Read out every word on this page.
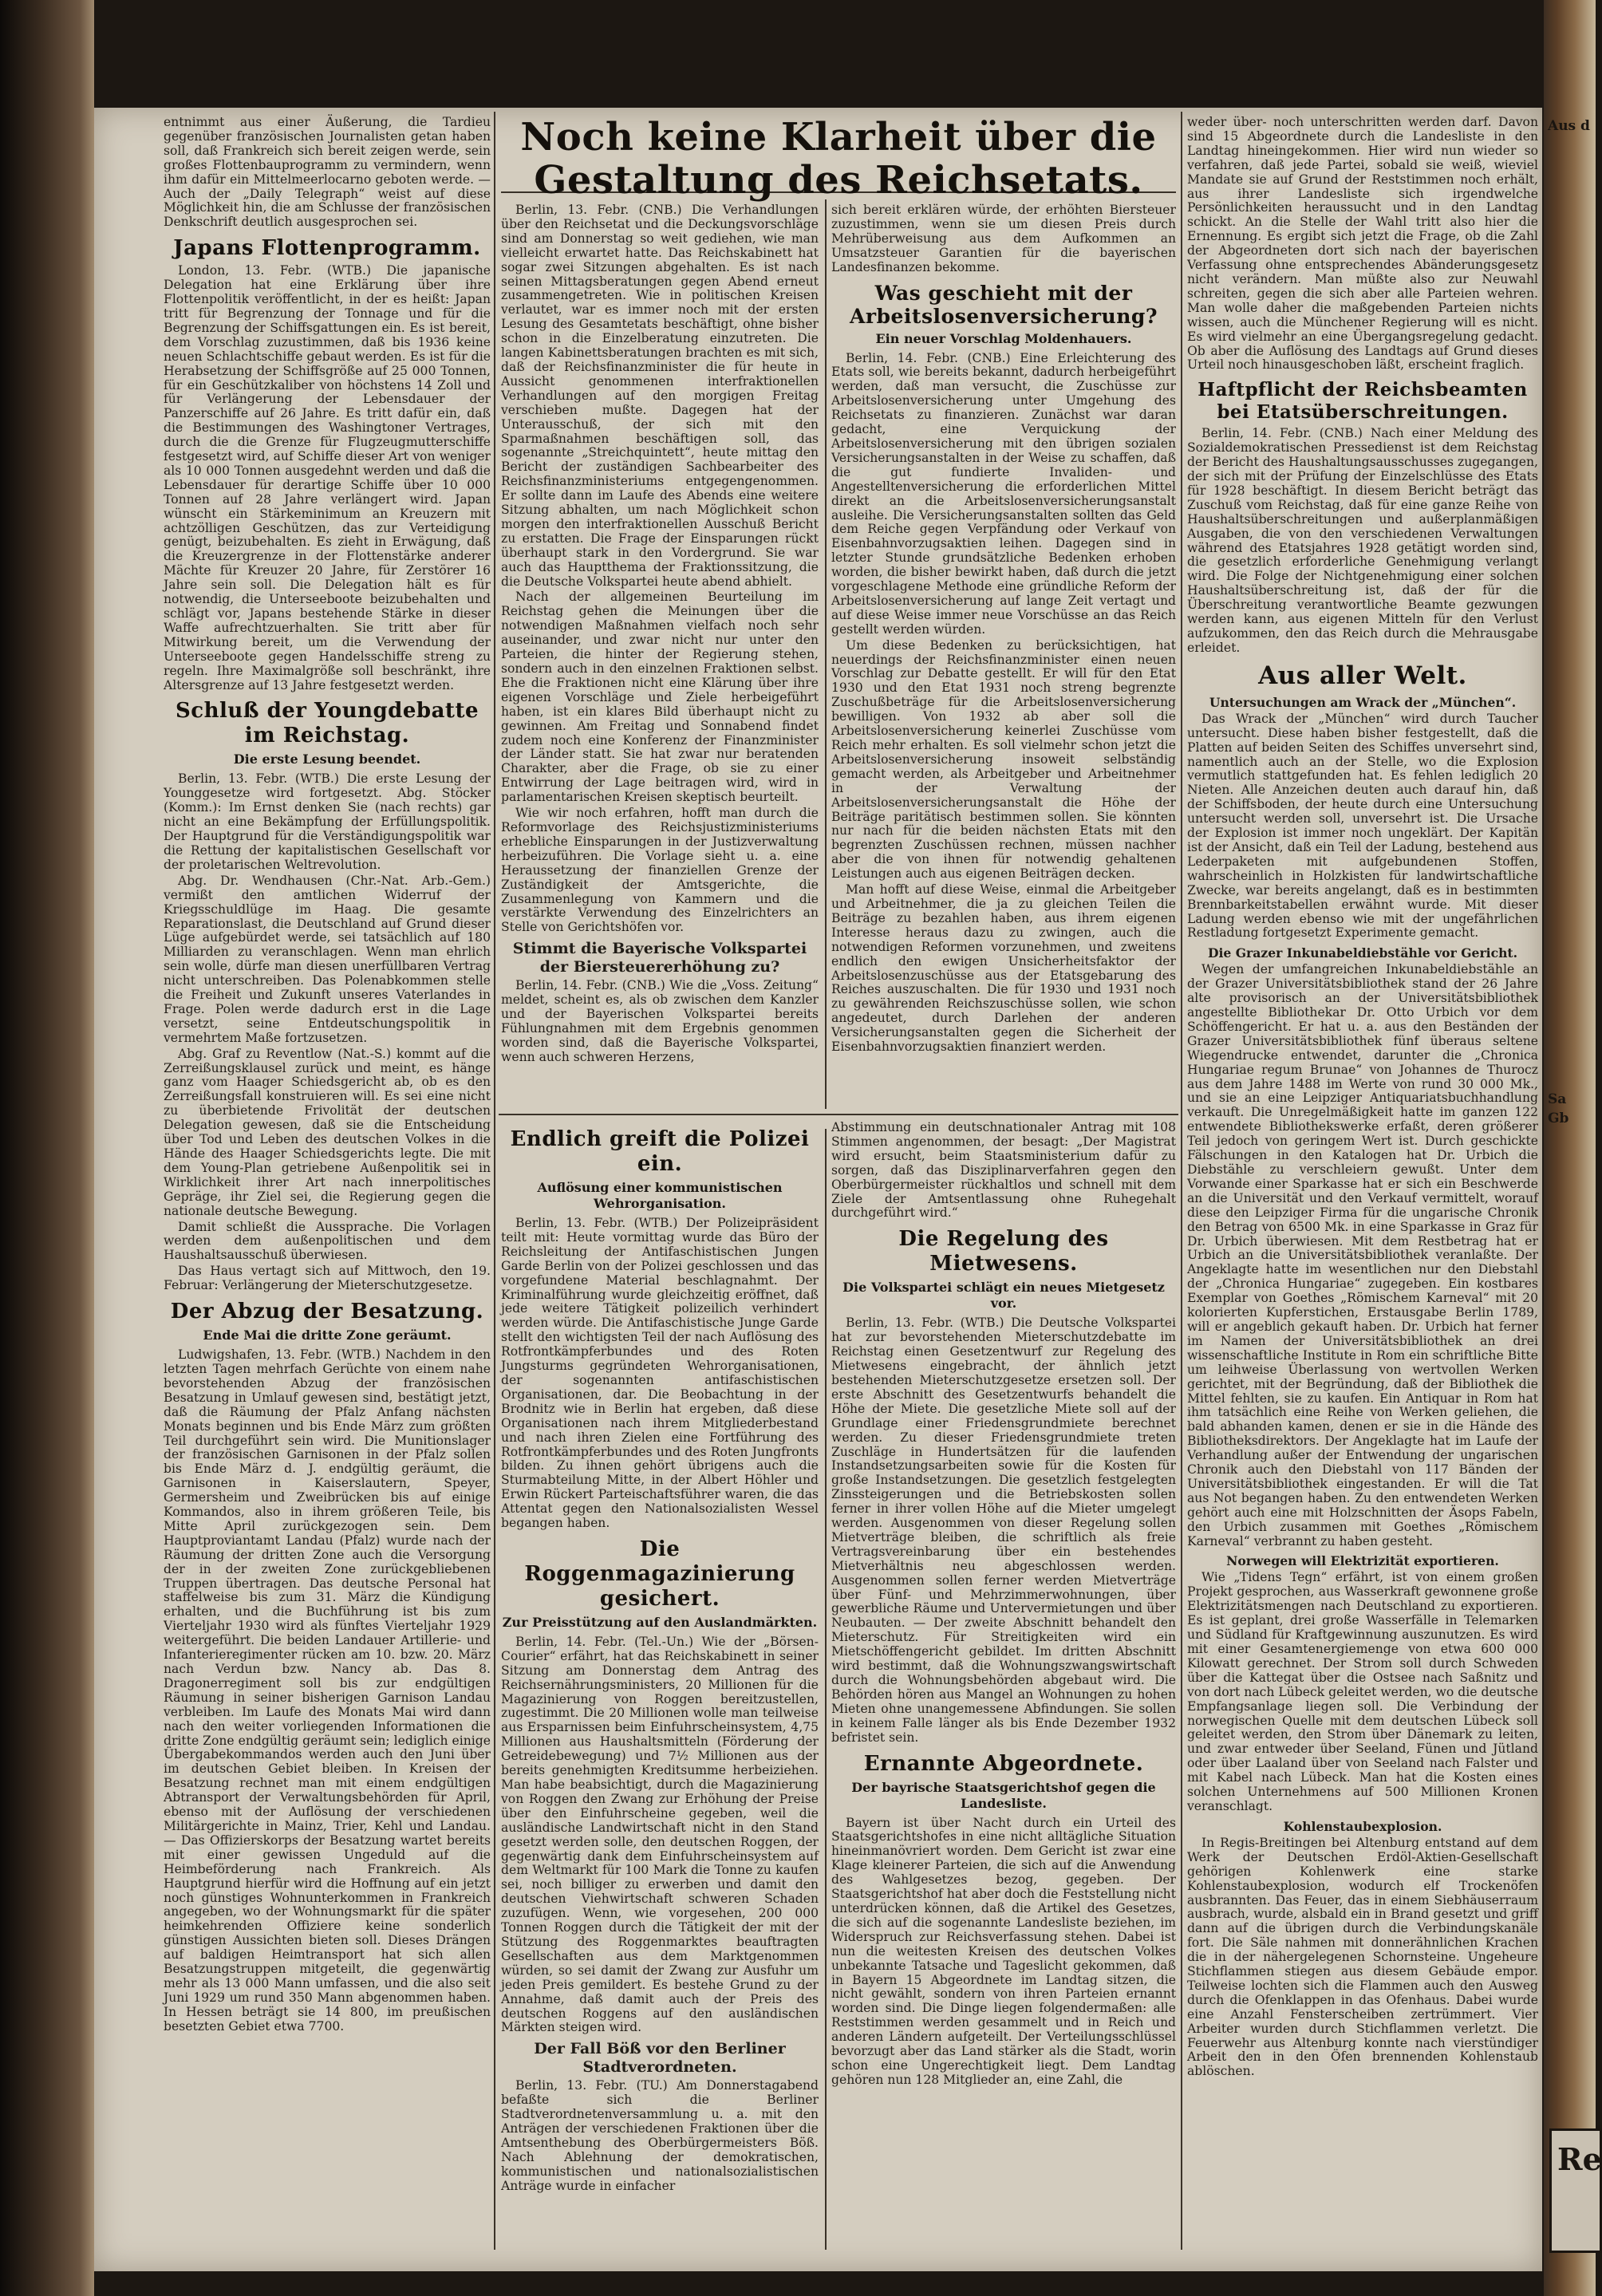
Aus d
Sa
Gb
Re

entnimmt aus einer Äußerung, die Tardieu gegenüber französischen Journalisten getan haben soll, daß Frankreich sich bereit zeigen werde, sein großes Flottenbauprogramm zu vermindern, wenn ihm dafür ein Mittelmeerlocarno geboten werde. — Auch der „Daily Telegraph“ weist auf diese Möglichkeit hin, die am Schlusse der französischen Denkschrift deutlich ausgesprochen sei.

Japans Flottenprogramm.

London, 13. Febr. (WTB.) Die japanische Delegation hat eine Erklärung über ihre Flottenpolitik veröffentlicht, in der es heißt: Japan tritt für Begrenzung der Tonnage und für die Begrenzung der Schiffsgattungen ein. Es ist bereit, dem Vorschlag zuzustimmen, daß bis 1936 keine neuen Schlachtschiffe gebaut werden. Es ist für die Herabsetzung der Schiffsgröße auf 25 000 Tonnen, für ein Geschützkaliber von höchstens 14 Zoll und für Verlängerung der Lebensdauer der Panzerschiffe auf 26 Jahre. Es tritt dafür ein, daß die Bestimmungen des Washingtoner Vertrages, durch die die Grenze für Flugzeugmutterschiffe festgesetzt wird, auf Schiffe dieser Art von weniger als 10 000 Tonnen ausgedehnt werden und daß die Lebensdauer für derartige Schiffe über 10 000 Tonnen auf 28 Jahre verlängert wird. Japan wünscht ein Stärkeminimum an Kreuzern mit achtzölligen Geschützen, das zur Verteidigung genügt, beizubehalten. Es zieht in Erwägung, daß die Kreuzergrenze in der Flottenstärke anderer Mächte für Kreuzer 20 Jahre, für Zerstörer 16 Jahre sein soll. Die Delegation hält es für notwendig, die Unterseeboote beizubehalten und schlägt vor, Japans bestehende Stärke in dieser Waffe aufrechtzuerhalten. Sie tritt aber für Mitwirkung bereit, um die Verwendung der Unterseeboote gegen Handelsschiffe streng zu regeln. Ihre Maximalgröße soll beschränkt, ihre Altersgrenze auf 13 Jahre festgesetzt werden.

Schluß der Youngdebatte im Reichstag.
Die erste Lesung beendet.

Berlin, 13. Febr. (WTB.) Die erste Lesung der Younggesetze wird fortgesetzt. Abg. Stöcker (Komm.): Im Ernst denken Sie (nach rechts) gar nicht an eine Bekämpfung der Erfüllungspolitik. Der Hauptgrund für die Verständigungspolitik war die Rettung der kapitalistischen Gesellschaft vor der proletarischen Weltrevolution.

Abg. Dr. Wendhausen (Chr.-Nat. Arb.-Gem.) vermißt den amtlichen Widerruf der Kriegsschuldlüge im Haag. Die gesamte Reparationslast, die Deutschland auf Grund dieser Lüge aufgebürdet werde, sei tatsächlich auf 180 Milliarden zu veranschlagen. Wenn man ehrlich sein wolle, dürfe man diesen unerfüllbaren Vertrag nicht unterschreiben. Das Polenabkommen stelle die Freiheit und Zukunft unseres Vaterlandes in Frage. Polen werde dadurch erst in die Lage versetzt, seine Entdeutschungspolitik in vermehrtem Maße fortzusetzen.

Abg. Graf zu Reventlow (Nat.-S.) kommt auf die Zerreißungsklausel zurück und meint, es hänge ganz vom Haager Schiedsgericht ab, ob es den Zerreißungsfall konstruieren will. Es sei eine nicht zu überbietende Frivolität der deutschen Delegation gewesen, daß sie die Entscheidung über Tod und Leben des deutschen Volkes in die Hände des Haager Schiedsgerichts legte. Die mit dem Young-Plan getriebene Außenpolitik sei in Wirklichkeit ihrer Art nach innerpolitisches Gepräge, ihr Ziel sei, die Regierung gegen die nationale deutsche Bewegung.

Damit schließt die Aussprache. Die Vorlagen werden dem außenpolitischen und dem Haushaltsausschuß überwiesen.

Das Haus vertagt sich auf Mittwoch, den 19. Februar: Verlängerung der Mieterschutzgesetze.

Der Abzug der Besatzung.
Ende Mai die dritte Zone geräumt.

Ludwigshafen, 13. Febr. (WTB.) Nachdem in den letzten Tagen mehrfach Gerüchte von einem nahe bevorstehenden Abzug der französischen Besatzung in Umlauf gewesen sind, bestätigt jetzt, daß die Räumung der Pfalz Anfang nächsten Monats beginnen und bis Ende März zum größten Teil durchgeführt sein wird. Die Munitionslager der französischen Garnisonen in der Pfalz sollen bis Ende März d. J. endgültig geräumt, die Garnisonen in Kaiserslautern, Speyer, Germersheim und Zweibrücken bis auf einige Kommandos, also in ihrem größeren Teile, bis Mitte April zurückgezogen sein. Dem Hauptproviantamt Landau (Pfalz) wurde nach der Räumung der dritten Zone auch die Versorgung der in der zweiten Zone zurückgebliebenen Truppen übertragen. Das deutsche Personal hat staffelweise bis zum 31. März die Kündigung erhalten, und die Buchführung ist bis zum Vierteljahr 1930 wird als fünftes Vierteljahr 1929 weitergeführt. Die beiden Landauer Artillerie- und Infanterieregimenter rücken am 10. bzw. 20. März nach Verdun bzw. Nancy ab. Das 8. Dragonerregiment soll bis zur endgültigen Räumung in seiner bisherigen Garnison Landau verbleiben. Im Laufe des Monats Mai wird dann nach den weiter vorliegenden Informationen die dritte Zone endgültig geräumt sein; lediglich einige Übergabekommandos werden auch den Juni über im deutschen Gebiet bleiben. In Kreisen der Besatzung rechnet man mit einem endgültigen Abtransport der Verwaltungsbehörden für April, ebenso mit der Auflösung der verschiedenen Militärgerichte in Mainz, Trier, Kehl und Landau. — Das Offizierskorps der Besatzung wartet bereits mit einer gewissen Ungeduld auf die Heimbeförderung nach Frankreich. Als Hauptgrund hierfür wird die Hoffnung auf ein jetzt noch günstiges Wohnunterkommen in Frankreich angegeben, wo der Wohnungsmarkt für die später heimkehrenden Offiziere keine sonderlich günstigen Aussichten bieten soll. Dieses Drängen auf baldigen Heimtransport hat sich allen Besatzungstruppen mitgeteilt, die gegenwärtig mehr als 13 000 Mann umfassen, und die also seit Juni 1929 um rund 350 Mann abgenommen haben. In Hessen beträgt sie 14 800, im preußischen besetzten Gebiet etwa 7700.

Noch keine Klarheit über die Gestaltung des Reichsetats.

Berlin, 13. Febr. (CNB.) Die Verhandlungen über den Reichsetat und die Deckungsvorschläge sind am Donnerstag so weit gediehen, wie man vielleicht erwartet hatte. Das Reichskabinett hat sogar zwei Sitzungen abgehalten. Es ist nach seinen Mittagsberatungen gegen Abend erneut zusammengetreten. Wie in politischen Kreisen verlautet, war es immer noch mit der ersten Lesung des Gesamtetats beschäftigt, ohne bisher schon in die Einzelberatung einzutreten. Die langen Kabinettsberatungen brachten es mit sich, daß der Reichsfinanzminister die für heute in Aussicht genommenen interfraktionellen Verhandlungen auf den morgigen Freitag verschieben mußte. Dagegen hat der Unterausschuß, der sich mit den Sparmaßnahmen beschäftigen soll, das sogenannte „Streichquintett“, heute mittag den Bericht der zuständigen Sachbearbeiter des Reichsfinanzministeriums entgegengenommen. Er sollte dann im Laufe des Abends eine weitere Sitzung abhalten, um nach Möglichkeit schon morgen den interfraktionellen Ausschuß Bericht zu erstatten. Die Frage der Einsparungen rückt überhaupt stark in den Vordergrund. Sie war auch das Hauptthema der Fraktionssitzung, die die Deutsche Volkspartei heute abend abhielt.

Nach der allgemeinen Beurteilung im Reichstag gehen die Meinungen über die notwendigen Maßnahmen vielfach noch sehr auseinander, und zwar nicht nur unter den Parteien, die hinter der Regierung stehen, sondern auch in den einzelnen Fraktionen selbst. Ehe die Fraktionen nicht eine Klärung über ihre eigenen Vorschläge und Ziele herbeigeführt haben, ist ein klares Bild überhaupt nicht zu gewinnen. Am Freitag und Sonnabend findet zudem noch eine Konferenz der Finanzminister der Länder statt. Sie hat zwar nur beratenden Charakter, aber die Frage, ob sie zu einer Entwirrung der Lage beitragen wird, wird in parlamentarischen Kreisen skeptisch beurteilt.

Wie wir noch erfahren, hofft man durch die Reformvorlage des Reichsjustizministeriums erhebliche Einsparungen in der Justizverwaltung herbeizuführen. Die Vorlage sieht u. a. eine Heraussetzung der finanziellen Grenze der Zuständigkeit der Amtsgerichte, die Zusammenlegung von Kammern und die verstärkte Verwendung des Einzelrichters an Stelle von Gerichtshöfen vor.

Stimmt die Bayerische Volkspartei der Biersteuererhöhung zu?

Berlin, 14. Febr. (CNB.) Wie die „Voss. Zeitung“ meldet, scheint es, als ob zwischen dem Kanzler und der Bayerischen Volkspartei bereits Fühlungnahmen mit dem Ergebnis genommen worden sind, daß die Bayerische Volkspartei, wenn auch schweren Herzens,

sich bereit erklären würde, der erhöhten Biersteuer zuzustimmen, wenn sie um diesen Preis durch Mehrüberweisung aus dem Aufkommen an Umsatzsteuer Garantien für die bayerischen Landesfinanzen bekomme.

Was geschieht mit der Arbeitslosenversicherung?
Ein neuer Vorschlag Moldenhauers.

Berlin, 14. Febr. (CNB.) Eine Erleichterung des Etats soll, wie bereits bekannt, dadurch herbeigeführt werden, daß man versucht, die Zuschüsse zur Arbeitslosenversicherung unter Umgehung des Reichsetats zu finanzieren. Zunächst war daran gedacht, eine Verquickung der Arbeitslosenversicherung mit den übrigen sozialen Versicherungsanstalten in der Weise zu schaffen, daß die gut fundierte Invaliden- und Angestelltenversicherung die erforderlichen Mittel direkt an die Arbeitslosenversicherungsanstalt ausleihe. Die Versicherungsanstalten sollten das Geld dem Reiche gegen Verpfändung oder Verkauf von Eisenbahnvorzugsaktien leihen. Dagegen sind in letzter Stunde grundsätzliche Bedenken erhoben worden, die bisher bewirkt haben, daß durch die jetzt vorgeschlagene Methode eine gründliche Reform der Arbeitslosenversicherung auf lange Zeit vertagt und auf diese Weise immer neue Vorschüsse an das Reich gestellt werden würden.

Um diese Bedenken zu berücksichtigen, hat neuerdings der Reichsfinanzminister einen neuen Vorschlag zur Debatte gestellt. Er will für den Etat 1930 und den Etat 1931 noch streng begrenzte Zuschußbeträge für die Arbeitslosenversicherung bewilligen. Von 1932 ab aber soll die Arbeitslosenversicherung keinerlei Zuschüsse vom Reich mehr erhalten. Es soll vielmehr schon jetzt die Arbeitslosenversicherung insoweit selbständig gemacht werden, als Arbeitgeber und Arbeitnehmer in der Verwaltung der Arbeitslosenversicherungsanstalt die Höhe der Beiträge paritätisch bestimmen sollen. Sie könnten nur nach für die beiden nächsten Etats mit den begrenzten Zuschüssen rechnen, müssen nachher aber die von ihnen für notwendig gehaltenen Leistungen auch aus eigenen Beiträgen decken.

Man hofft auf diese Weise, einmal die Arbeitgeber und Arbeitnehmer, die ja zu gleichen Teilen die Beiträge zu bezahlen haben, aus ihrem eigenen Interesse heraus dazu zu zwingen, auch die notwendigen Reformen vorzunehmen, und zweitens endlich den ewigen Unsicherheitsfaktor der Arbeitslosenzuschüsse aus der Etatsgebarung des Reiches auszuschalten. Die für 1930 und 1931 noch zu gewährenden Reichszuschüsse sollen, wie schon angedeutet, durch Darlehen der anderen Versicherungsanstalten gegen die Sicherheit der Eisenbahnvorzugsaktien finanziert werden.

Endlich greift die Polizei ein.
Auflösung einer kommunistischen Wehrorganisation.

Berlin, 13. Febr. (WTB.) Der Polizeipräsident teilt mit: Heute vormittag wurde das Büro der Reichsleitung der Antifaschistischen Jungen Garde Berlin von der Polizei geschlossen und das vorgefundene Material beschlagnahmt. Der Kriminalführung wurde gleichzeitig eröffnet, daß jede weitere Tätigkeit polizeilich verhindert werden würde. Die Antifaschistische Junge Garde stellt den wichtigsten Teil der nach Auflösung des Rotfrontkämpferbundes und des Roten Jungsturms gegründeten Wehrorganisationen, der sogenannten antifaschistischen Organisationen, dar. Die Beobachtung in der Brodnitz wie in Berlin hat ergeben, daß diese Organisationen nach ihrem Mitgliederbestand und nach ihren Zielen eine Fortführung des Rotfrontkämpferbundes und des Roten Jungfronts bilden. Zu ihnen gehört übrigens auch die Sturmabteilung Mitte, in der Albert Höhler und Erwin Rückert Parteischaftsführer waren, die das Attentat gegen den Nationalsozialisten Wessel begangen haben.

Die Roggenmagazinierung gesichert.
Zur Preisstützung auf den Auslandmärkten.

Berlin, 14. Febr. (Tel.-Un.) Wie der „Börsen-Courier“ erfährt, hat das Reichskabinett in seiner Sitzung am Donnerstag dem Antrag des Reichsernährungsministers, 20 Millionen für die Magazinierung von Roggen bereitzustellen, zugestimmt. Die 20 Millionen wolle man teilweise aus Ersparnissen beim Einfuhrscheinsystem, 4,75 Millionen aus Haushaltsmitteln (Förderung der Getreidebewegung) und 7½ Millionen aus der bereits genehmigten Kreditsumme herbeiziehen. Man habe beabsichtigt, durch die Magazinierung von Roggen den Zwang zur Erhöhung der Preise über den Einfuhrscheine gegeben, weil die ausländische Landwirtschaft nicht in den Stand gesetzt werden solle, den deutschen Roggen, der gegenwärtig dank dem Einfuhrscheinsystem auf dem Weltmarkt für 100 Mark die Tonne zu kaufen sei, noch billiger zu erwerben und damit den deutschen Viehwirtschaft schweren Schaden zuzufügen. Wenn, wie vorgesehen, 200 000 Tonnen Roggen durch die Tätigkeit der mit der Stützung des Roggenmarktes beauftragten Gesellschaften aus dem Marktgenommen würden, so sei damit der Zwang zur Ausfuhr um jeden Preis gemildert. Es bestehe Grund zu der Annahme, daß damit auch der Preis des deutschen Roggens auf den ausländischen Märkten steigen wird.

Der Fall Böß vor den Berliner Stadtverordneten.

Berlin, 13. Febr. (TU.) Am Donnerstagabend befaßte sich die Berliner Stadtverordnetenversammlung u. a. mit den Anträgen der verschiedenen Fraktionen über die Amtsenthebung des Oberbürgermeisters Böß. Nach Ablehnung der demokratischen, kommunistischen und nationalsozialistischen Anträge wurde in einfacher

Abstimmung ein deutschnationaler Antrag mit 108 Stimmen angenommen, der besagt: „Der Magistrat wird ersucht, beim Staatsministerium dafür zu sorgen, daß das Disziplinarverfahren gegen den Oberbürgermeister rückhaltlos und schnell mit dem Ziele der Amtsentlassung ohne Ruhegehalt durchgeführt wird.“

Die Regelung des Mietwesens.
Die Volkspartei schlägt ein neues Mietgesetz vor.

Berlin, 13. Febr. (WTB.) Die Deutsche Volkspartei hat zur bevorstehenden Mieterschutzdebatte im Reichstag einen Gesetzentwurf zur Regelung des Mietwesens eingebracht, der ähnlich jetzt bestehenden Mieterschutzgesetze ersetzen soll. Der erste Abschnitt des Gesetzentwurfs behandelt die Höhe der Miete. Die gesetzliche Miete soll auf der Grundlage einer Friedensgrundmiete berechnet werden. Zu dieser Friedensgrundmiete treten Zuschläge in Hundertsätzen für die laufenden Instandsetzungsarbeiten sowie für die Kosten für große Instandsetzungen. Die gesetzlich festgelegten Zinssteigerungen und die Betriebskosten sollen ferner in ihrer vollen Höhe auf die Mieter umgelegt werden. Ausgenommen von dieser Regelung sollen Mietverträge bleiben, die schriftlich als freie Vertragsvereinbarung über ein bestehendes Mietverhältnis neu abgeschlossen werden. Ausgenommen sollen ferner werden Mietverträge über Fünf- und Mehrzimmerwohnungen, über gewerbliche Räume und Untervermietungen und über Neubauten. — Der zweite Abschnitt behandelt den Mieterschutz. Für Streitigkeiten wird ein Mietschöffengericht gebildet. Im dritten Abschnitt wird bestimmt, daß die Wohnungszwangswirtschaft durch die Wohnungsbehörden abgebaut wird. Die Behörden hören aus Mangel an Wohnungen zu hohen Mieten ohne unangemessene Abfindungen. Sie sollen in keinem Falle länger als bis Ende Dezember 1932 befristet sein.

Ernannte Abgeordnete.
Der bayrische Staatsgerichtshof gegen die Landesliste.

Bayern ist über Nacht durch ein Urteil des Staatsgerichtshofes in eine nicht alltägliche Situation hineinmanövriert worden. Dem Gericht ist zwar eine Klage kleinerer Parteien, die sich auf die Anwendung des Wahlgesetzes bezog, gegeben. Der Staatsgerichtshof hat aber doch die Feststellung nicht unterdrücken können, daß die Artikel des Gesetzes, die sich auf die sogenannte Landesliste beziehen, im Widerspruch zur Reichsverfassung stehen. Dabei ist nun die weitesten Kreisen des deutschen Volkes unbekannte Tatsache und Tageslicht gekommen, daß in Bayern 15 Abgeordnete im Landtag sitzen, die nicht gewählt, sondern von ihren Parteien ernannt worden sind. Die Dinge liegen folgendermaßen: alle Reststimmen werden gesammelt und in Reich und anderen Ländern aufgeteilt. Der Verteilungsschlüssel bevorzugt aber das Land stärker als die Stadt, worin schon eine Ungerechtigkeit liegt. Dem Landtag gehören nun 128 Mitglieder an, eine Zahl, die

weder über- noch unterschritten werden darf. Davon sind 15 Abgeordnete durch die Landesliste in den Landtag hineingekommen. Hier wird nun wieder so verfahren, daß jede Partei, sobald sie weiß, wieviel Mandate sie auf Grund der Reststimmen noch erhält, aus ihrer Landesliste sich irgendwelche Persönlichkeiten heraussucht und in den Landtag schickt. An die Stelle der Wahl tritt also hier die Ernennung. Es ergibt sich jetzt die Frage, ob die Zahl der Abgeordneten dort sich nach der bayerischen Verfassung ohne entsprechendes Abänderungsgesetz nicht verändern. Man müßte also zur Neuwahl schreiten, gegen die sich aber alle Parteien wehren. Man wolle daher die maßgebenden Parteien nichts wissen, auch die Münchener Regierung will es nicht. Es wird vielmehr an eine Übergangsregelung gedacht. Ob aber die Auflösung des Landtags auf Grund dieses Urteil noch hinausgeschoben läßt, erscheint fraglich.

Haftpflicht der Reichsbeamten bei Etatsüberschreitungen.

Berlin, 14. Febr. (CNB.) Nach einer Meldung des Sozialdemokratischen Pressedienst ist dem Reichstag der Bericht des Haushaltungsausschusses zugegangen, der sich mit der Prüfung der Einzelschlüsse des Etats für 1928 beschäftigt. In diesem Bericht beträgt das Zuschuß vom Reichstag, daß für eine ganze Reihe von Haushaltsüberschreitungen und außerplanmäßigen Ausgaben, die von den verschiedenen Verwaltungen während des Etatsjahres 1928 getätigt worden sind, die gesetzlich erforderliche Genehmigung verlangt wird. Die Folge der Nichtgenehmigung einer solchen Haushaltsüberschreitung ist, daß der für die Überschreitung verantwortliche Beamte gezwungen werden kann, aus eigenen Mitteln für den Verlust aufzukommen, den das Reich durch die Mehrausgabe erleidet.

Aus aller Welt.
Untersuchungen am Wrack der „München“.

Das Wrack der „München“ wird durch Taucher untersucht. Diese haben bisher festgestellt, daß die Platten auf beiden Seiten des Schiffes unversehrt sind, namentlich auch an der Stelle, wo die Explosion vermutlich stattgefunden hat. Es fehlen lediglich 20 Nieten. Alle Anzeichen deuten auch darauf hin, daß der Schiffsboden, der heute durch eine Untersuchung untersucht werden soll, unversehrt ist. Die Ursache der Explosion ist immer noch ungeklärt. Der Kapitän ist der Ansicht, daß ein Teil der Ladung, bestehend aus Lederpaketen mit aufgebundenen Stoffen, wahrscheinlich in Holzkisten für landwirtschaftliche Zwecke, war bereits angelangt, daß es in bestimmten Brennbarkeitstabellen erwähnt wurde. Mit dieser Ladung werden ebenso wie mit der ungefährlichen Restladung fortgesetzt Experimente gemacht.

Die Grazer Inkunabeldiebstähle vor Gericht.

Wegen der umfangreichen Inkunabeldiebstähle an der Grazer Universitätsbibliothek stand der 26 Jahre alte provisorisch an der Universitätsbibliothek angestellte Bibliothekar Dr. Otto Urbich vor dem Schöffengericht. Er hat u. a. aus den Beständen der Grazer Universitätsbibliothek fünf überaus seltene Wiegendrucke entwendet, darunter die „Chronica Hungariae regum Brunae“ von Johannes de Thurocz aus dem Jahre 1488 im Werte von rund 30 000 Mk., und sie an eine Leipziger Antiquariatsbuchhandlung verkauft. Die Unregelmäßigkeit hatte im ganzen 122 entwendete Bibliothekswerke erfaßt, deren größerer Teil jedoch von geringem Wert ist. Durch geschickte Fälschungen in den Katalogen hat Dr. Urbich die Diebstähle zu verschleiern gewußt. Unter dem Vorwande einer Sparkasse hat er sich ein Beschwerde an die Universität und den Verkauf vermittelt, worauf diese den Leipziger Firma für die ungarische Chronik den Betrag von 6500 Mk. in eine Sparkasse in Graz für Dr. Urbich überwiesen. Mit dem Restbetrag hat er Urbich an die Universitätsbibliothek veranlaßte. Der Angeklagte hatte im wesentlichen nur den Diebstahl der „Chronica Hungariae“ zugegeben. Ein kostbares Exemplar von Goethes „Römischem Karneval“ mit 20 kolorierten Kupferstichen, Erstausgabe Berlin 1789, will er angeblich gekauft haben. Dr. Urbich hat ferner im Namen der Universitätsbibliothek an drei wissenschaftliche Institute in Rom ein schriftliche Bitte um leihweise Überlassung von wertvollen Werken gerichtet, mit der Begründung, daß der Bibliothek die Mittel fehlten, sie zu kaufen. Ein Antiquar in Rom hat ihm tatsächlich eine Reihe von Werken geliehen, die bald abhanden kamen, denen er sie in die Hände des Bibliotheksdirektors. Der Angeklagte hat im Laufe der Verhandlung außer der Entwendung der ungarischen Chronik auch den Diebstahl von 117 Bänden der Universitätsbibliothek eingestanden. Er will die Tat aus Not begangen haben. Zu den entwendeten Werken gehört auch eine mit Holzschnitten der Äsops Fabeln, den Urbich zusammen mit Goethes „Römischem Karneval“ verbrannt zu haben gesteht.

Norwegen will Elektrizität exportieren.

Wie „Tidens Tegn“ erfährt, ist von einem großen Projekt gesprochen, aus Wasserkraft gewonnene große Elektrizitätsmengen nach Deutschland zu exportieren. Es ist geplant, drei große Wasserfälle in Telemarken und Südland für Kraftgewinnung auszunutzen. Es wird mit einer Gesamtenergiemenge von etwa 600 000 Kilowatt gerechnet. Der Strom soll durch Schweden über die Kattegat über die Ostsee nach Saßnitz und von dort nach Lübeck geleitet werden, wo die deutsche Empfangsanlage liegen soll. Die Verbindung der norwegischen Quelle mit dem deutschen Lübeck soll geleitet werden, den Strom über Dänemark zu leiten, und zwar entweder über Seeland, Fünen und Jütland oder über Laaland über von Seeland nach Falster und mit Kabel nach Lübeck. Man hat die Kosten eines solchen Unternehmens auf 500 Millionen Kronen veranschlagt.

Kohlenstaubexplosion.

In Regis-Breitingen bei Altenburg entstand auf dem Werk der Deutschen Erdöl-Aktien-Gesellschaft gehörigen Kohlenwerk eine starke Kohlenstaubexplosion, wodurch elf Trockenöfen ausbrannten. Das Feuer, das in einem Siebhäuserraum ausbrach, wurde, alsbald ein in Brand gesetzt und griff dann auf die übrigen durch die Verbindungskanäle fort. Die Säle nahmen mit donnerähnlichen Krachen die in der nähergelegenen Schornsteine. Ungeheure Stichflammen stiegen aus diesem Gebäude empor. Teilweise lochten sich die Flammen auch den Ausweg durch die Ofenklappen in das Ofenhaus. Dabei wurde eine Anzahl Fensterscheiben zertrümmert. Vier Arbeiter wurden durch Stichflammen verletzt. Die Feuerwehr aus Altenburg konnte nach vierstündiger Arbeit den in den Öfen brennenden Kohlenstaub ablöschen.
